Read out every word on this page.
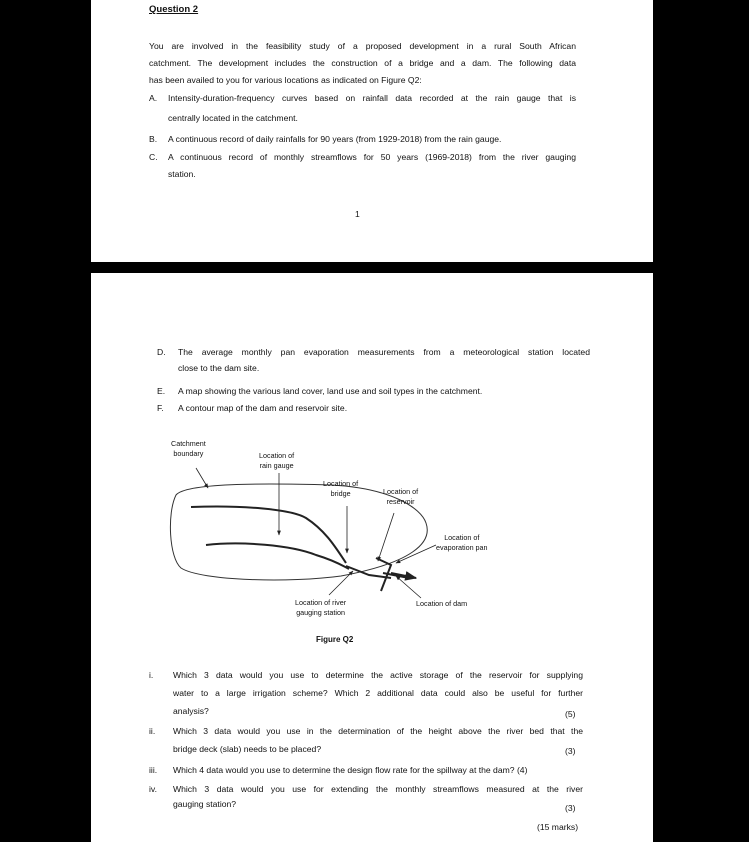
Question 2
You are involved in the feasibility study of a proposed development in a rural South African
catchment. The development includes the construction of a bridge and a dam. The following data
has been availed to you for various locations as indicated on Figure Q2:
A. Intensity-duration-frequency curves based on rainfall data recorded at the rain gauge that is
centrally located in the catchment.
B. A continuous record of daily rainfalls for 90 years (from 1929-2018) from the rain gauge.
C. A continuous record of monthly streamflows for 50 years (1969-2018) from the river gauging
station.
1
D. The average monthly pan evaporation measurements from a meteorological station located
close to the dam site.
E. A map showing the various land cover, land use and soil types in the catchment.
F. A contour map of the dam and reservoir site.
Catchment
boundary	Location of
rain gauge
Location of
bridge	Location of
reservoir
Location of
evaporation pan
Location of dam
Location of river
gauging station
Figure Q2
i. Which 3 data would you use to determine the active storage of the reservoir for supplying
water to a large irrigation scheme? Which 2 additional data could also be useful for further
analysis?	(5)
ii. Which 3 data would you use in the determination of the height above the river bed that the
bridge deck (slab) needs to be placed?	(3)
iii. Which 4 data would you use to determine the design flow rate for the spillway at the dam? (4)
iv. Which 3 data would you use for extending the monthly streamflows measured at the river
gauging station?	(3)
(15 marks)
